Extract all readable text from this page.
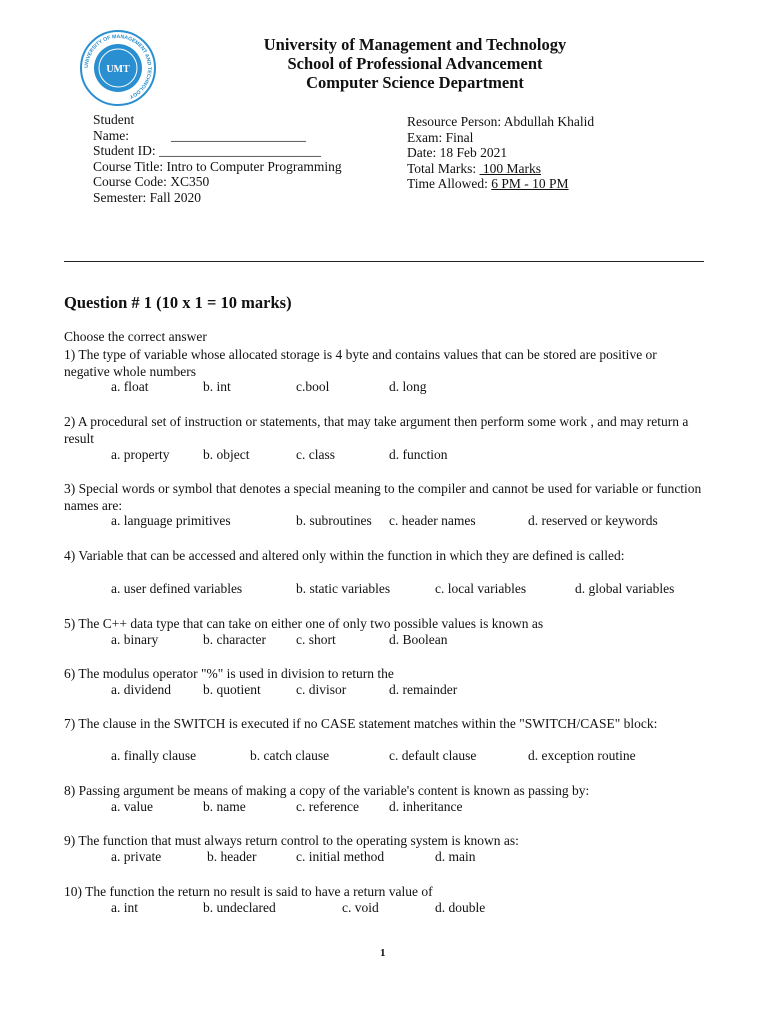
UNIVERSITY OF MANAGEMENT AND TECHNOLOGY
UMT
University of Management and Technology
School of Professional Advancement
Computer Science Department
Student
Name:	____________________
Student ID: ________________________
Course Title: Intro to Computer Programming
Course Code: XC350
Semester: Fall 2020
Resource Person: Abdullah Khalid
Exam: Final
Date: 18 Feb 2021
Total Marks:  100 Marks
Time Allowed: 6 PM - 10 PM
Question # 1 (10 x 1 = 10 marks)
Choose the correct answer
1) The type of variable whose allocated storage is 4 byte and contains values that can be stored are positive or negative whole numbers
a. float	b. int	c.bool	d. long
2) A procedural set of instruction or statements, that may take argument then perform some work , and may return a result
a. property b. object	c. class	d. function
3) Special words or symbol that denotes a special meaning to the compiler and cannot be used for variable or function names are:
a. language primitives	b. subroutines c. header names	d. reserved or keywords
4) Variable that can be accessed and altered only within the function in which they are defined is called:
a. user defined variables	b. static variables	c. local variables	d. global variables
5) The C++ data type that can take on either one of only two possible values is known as
a. binary	b. character c. short	d. Boolean
6) The modulus operator "%" is used in division to return the
a. dividend b. quotient	c. divisor	d. remainder
7) The clause in the SWITCH is executed if no CASE statement matches within the "SWITCH/CASE" block:
a. finally clause	b. catch clause	c. default clause	d. exception routine
8) Passing argument be means of making a copy of the variable's content is known as passing by:
a. value	b. name	c. reference d. inheritance
9) The function that must always return control to the operating system is known as:
a. private	b. header	c. initial method	d. main
10) The function the return no result is said to have a return value of
a. int	b. undeclared	c. void	d. double
1
